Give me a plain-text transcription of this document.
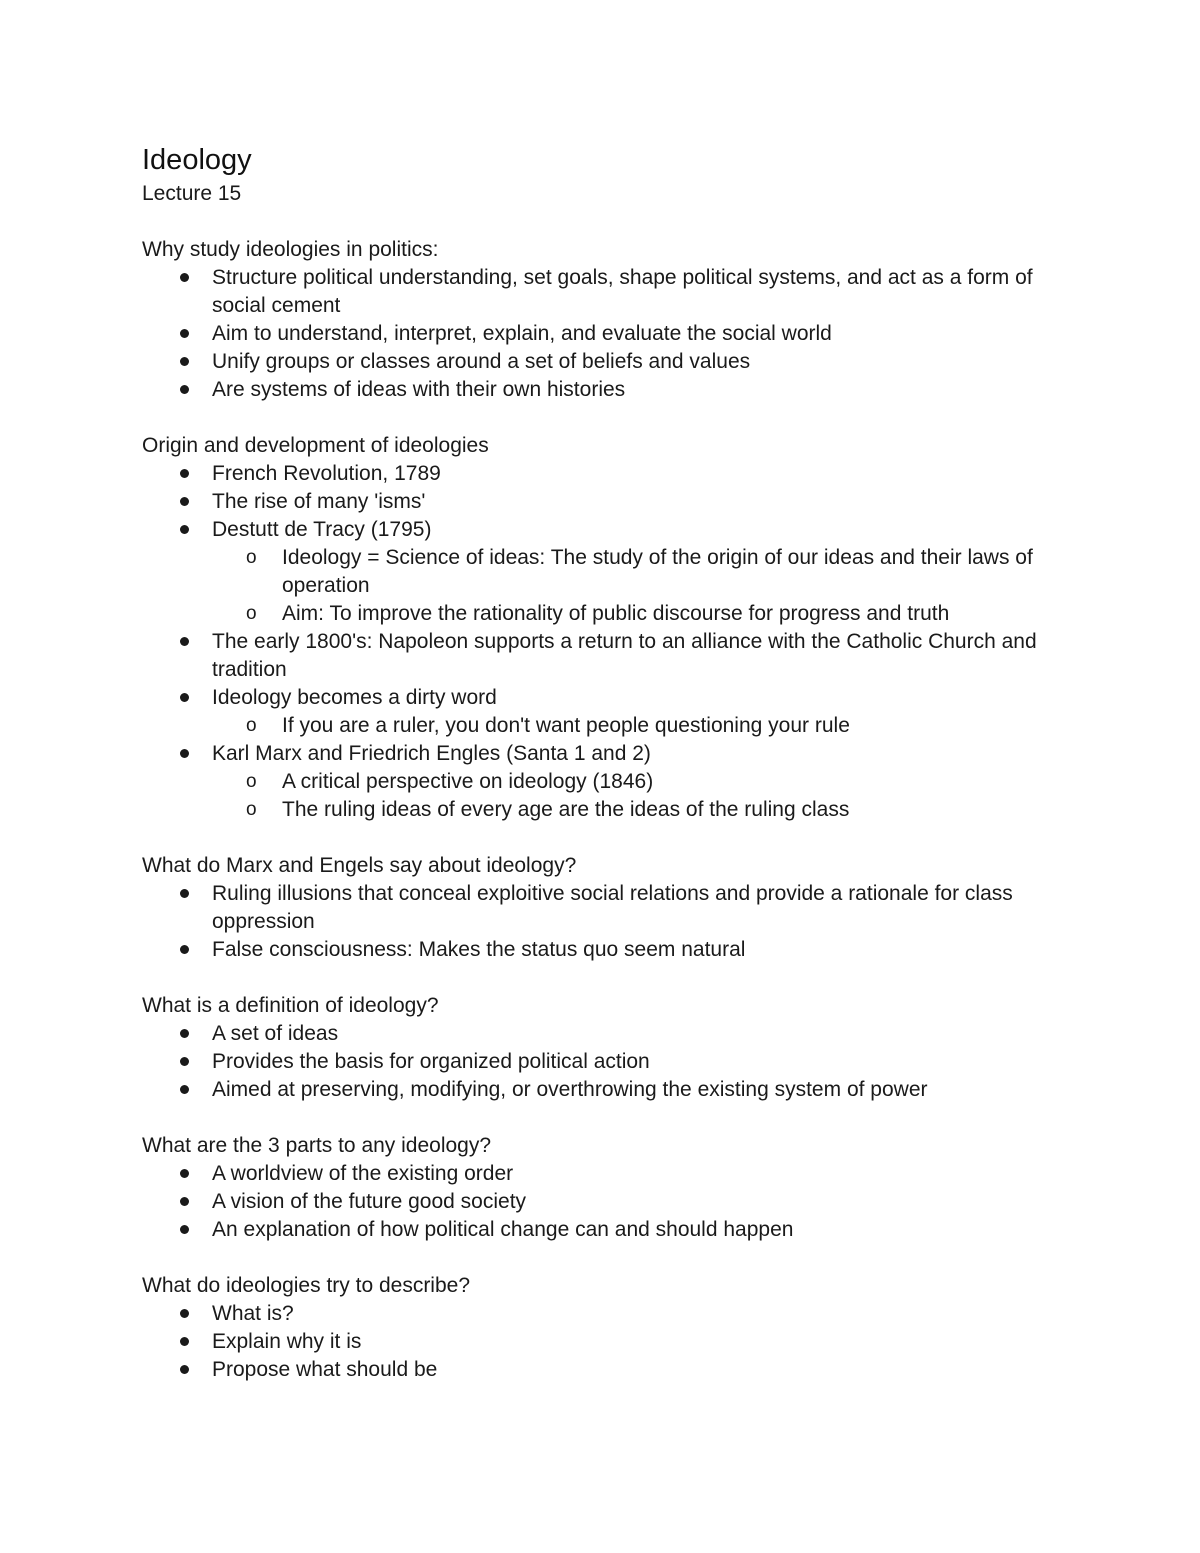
Ideology
Lecture 15
Why study ideologies in politics:
Structure political understanding, set goals, shape political systems, and act as a form of social cement
Aim to understand, interpret, explain, and evaluate the social world
Unify groups or classes around a set of beliefs and values
Are systems of ideas with their own histories
Origin and development of ideologies
French Revolution, 1789
The rise of many 'isms'
Destutt de Tracy (1795)
o Ideology = Science of ideas: The study of the origin of our ideas and their laws of operation
o Aim: To improve the rationality of public discourse for progress and truth
The early 1800's: Napoleon supports a return to an alliance with the Catholic Church and tradition
Ideology becomes a dirty word
o If you are a ruler, you don't want people questioning your rule
Karl Marx and Friedrich Engles (Santa 1 and 2)
o A critical perspective on ideology (1846)
o The ruling ideas of every age are the ideas of the ruling class
What do Marx and Engels say about ideology?
Ruling illusions that conceal exploitive social relations and provide a rationale for class oppression
False consciousness: Makes the status quo seem natural
What is a definition of ideology?
A set of ideas
Provides the basis for organized political action
Aimed at preserving, modifying, or overthrowing the existing system of power
What are the 3 parts to any ideology?
A worldview of the existing order
A vision of the future good society
An explanation of how political change can and should happen
What do ideologies try to describe?
What is?
Explain why it is
Propose what should be
